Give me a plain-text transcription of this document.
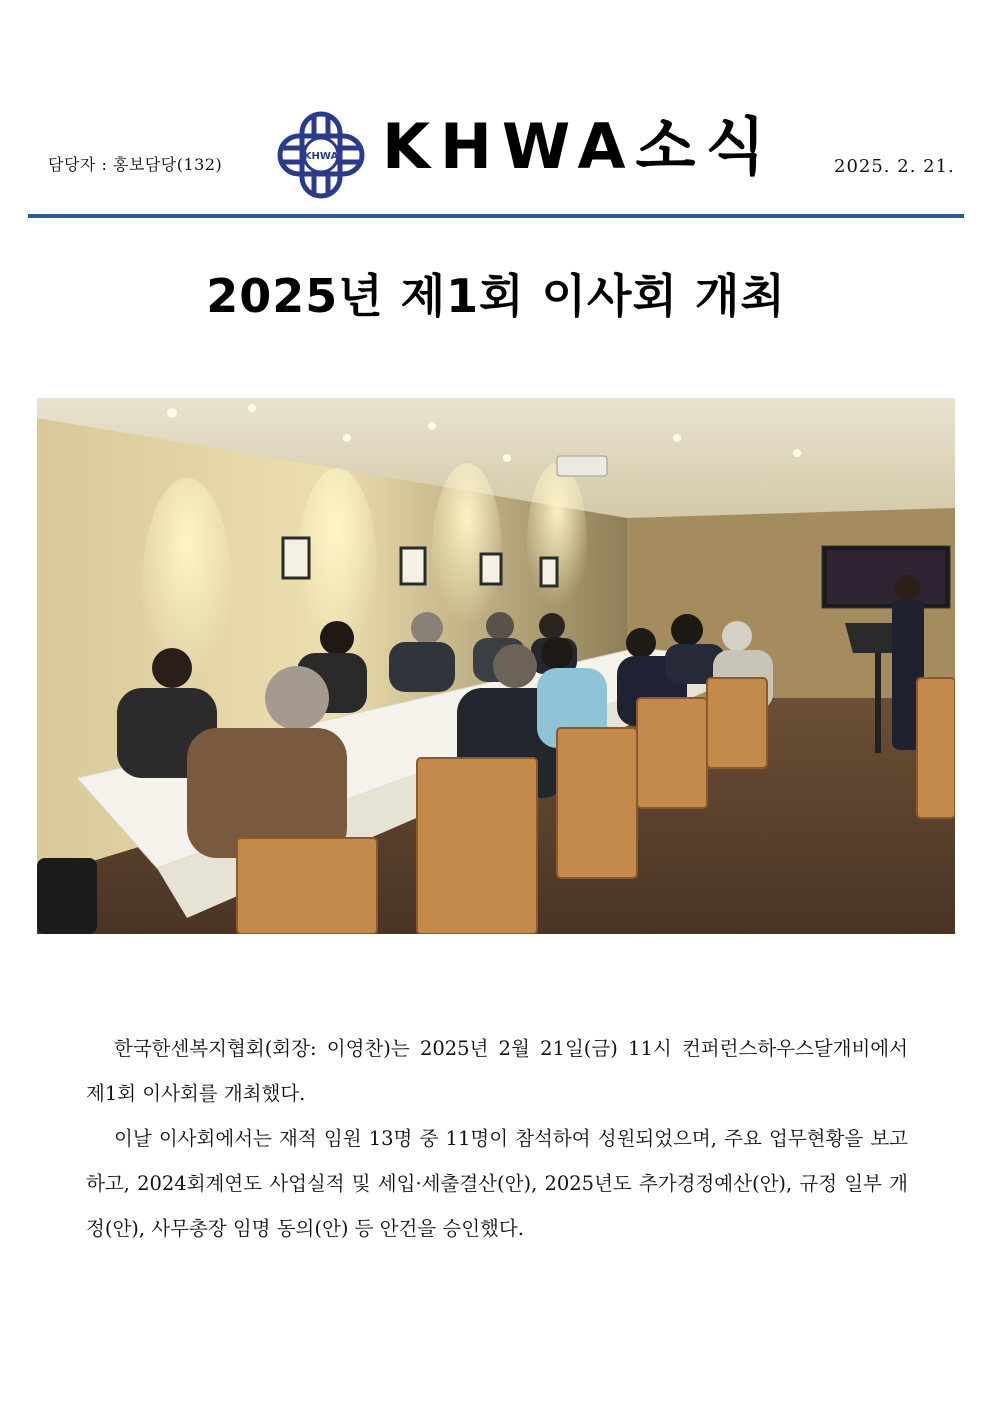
담당자 : 홍보담당(132)	KHWA KHWA소식	2025. 2. 21.
2025년 제1회 이사회 개최

한국한센복지협회(회장: 이영찬)는 2025년 2월 21일(금) 11시 컨퍼런스하우스달개비에서 제1회 이사회를 개최했다.

이날 이사회에서는 재적 임원 13명 중 11명이 참석하여 성원되었으며, 주요 업무현황을 보고하고, 2024회계연도 사업실적 및 세입·세출결산(안), 2025년도 추가경정예산(안), 규정 일부 개정(안), 사무총장 임명 동의(안) 등 안건을 승인했다.
